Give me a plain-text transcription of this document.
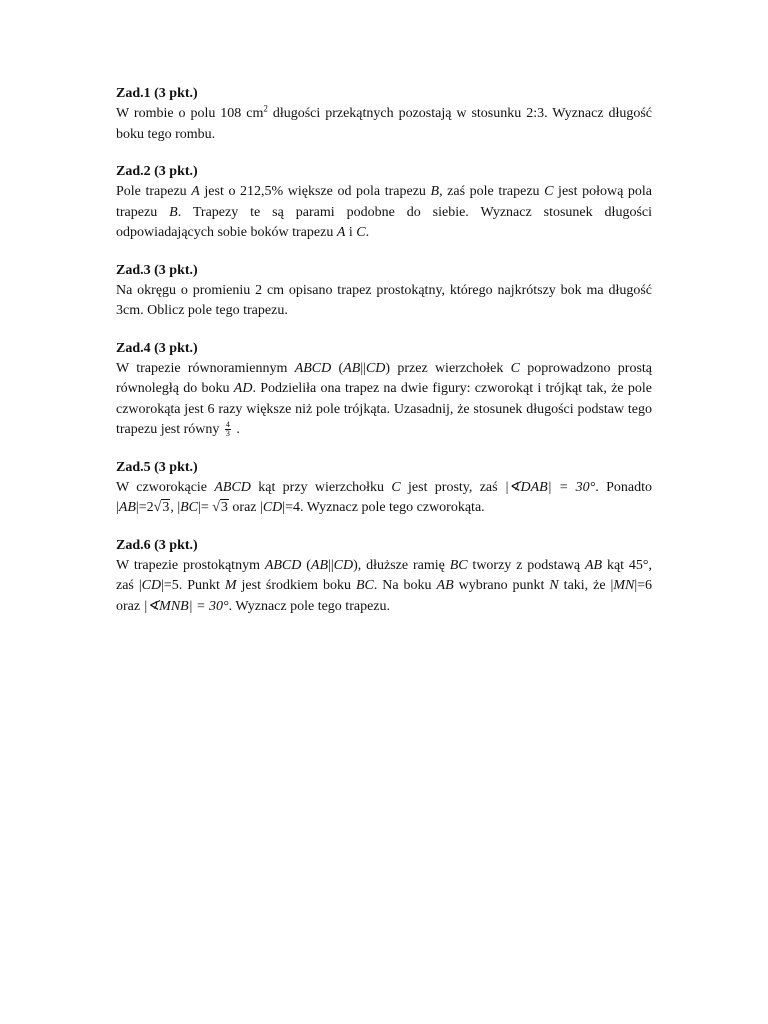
Zad.1 (3 pkt.)
W rombie o polu 108 $cm^2$ długości przekątnych pozostają w stosunku 2:3. Wyznacz długość
boku tego rombu.
Zad.2 (3 pkt.)
Pole trapezu A jest o 212,5% większe od pola trapezu B, zaś pole trapezu C jest połową pola
trapezu B. Trapezy te są parami podobne do siebie. Wyznacz stosunek długości
odpowiadających sobie boków trapezu A i C.
Zad.3 (3 pkt.)
Na okręgu o promieniu 2 cm opisano trapez prostokątny, którego najkrótszy bok ma długość
3cm. Oblicz pole tego trapezu.
Zad.4 (3 pkt.)
W trapezie równoramiennym ABCD (AB||CD) przez wierzchołek C poprowadzono prostą
równoległą do boku AD. Podzieliła ona trapez na dwie figury: czworokąt i trójkąt tak, że pole
czworokąta jest 6 razy większe niż pole trójkąta. Uzasadnij, że stosunek długości podstaw tego
trapezu jest równy $\frac{4}{3}$ .
Zad.5 (3 pkt.)
W czworokącie ABCD kąt przy wierzchołku C jest prosty, zaś |∢DAB| = 30°. Ponadto
|AB|=2√3, |BC|= √3 oraz |CD|=4. Wyznacz pole tego czworokąta.
Zad.6 (3 pkt.)
W trapezie prostokątnym ABCD (AB||CD), dłuższe ramię BC tworzy z podstawą AB kąt 45°,
zaś |CD|=5. Punkt M jest środkiem boku BC. Na boku AB wybrano punkt N taki, że |MN|=6
oraz |∢MNB| = 30°. Wyznacz pole tego trapezu.
